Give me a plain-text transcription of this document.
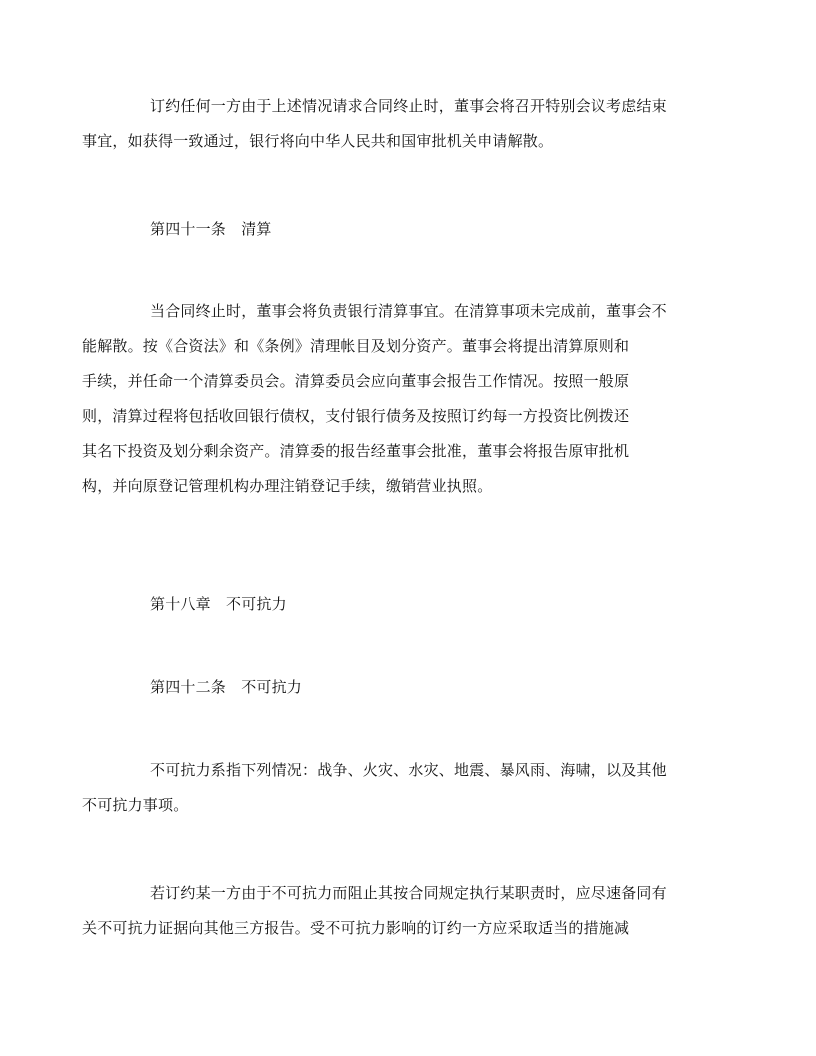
订约任何一方由于上述情况请求合同终止时，董事会将召开特别会议考虑结束
事宜，如获得一致通过，银行将向中华人民共和国审批机关申请解散。

第四十一条　清算

当合同终止时，董事会将负责银行清算事宜。在清算事项未完成前，董事会不
能解散。按《合资法》和《条例》清理帐目及划分资产。董事会将提出清算原则和
手续，并任命一个清算委员会。清算委员会应向董事会报告工作情况。按照一般原
则，清算过程将包括收回银行债权，支付银行债务及按照订约每一方投资比例拨还
其名下投资及划分剩余资产。清算委的报告经董事会批准，董事会将报告原审批机
构，并向原登记管理机构办理注销登记手续，缴销营业执照。

第十八章　不可抗力

第四十二条　不可抗力

不可抗力系指下列情况：战争、火灾、水灾、地震、暴风雨、海啸，以及其他
不可抗力事项。

若订约某一方由于不可抗力而阻止其按合同规定执行某职责时，应尽速备同有
关不可抗力证据向其他三方报告。受不可抗力影响的订约一方应采取适当的措施减
